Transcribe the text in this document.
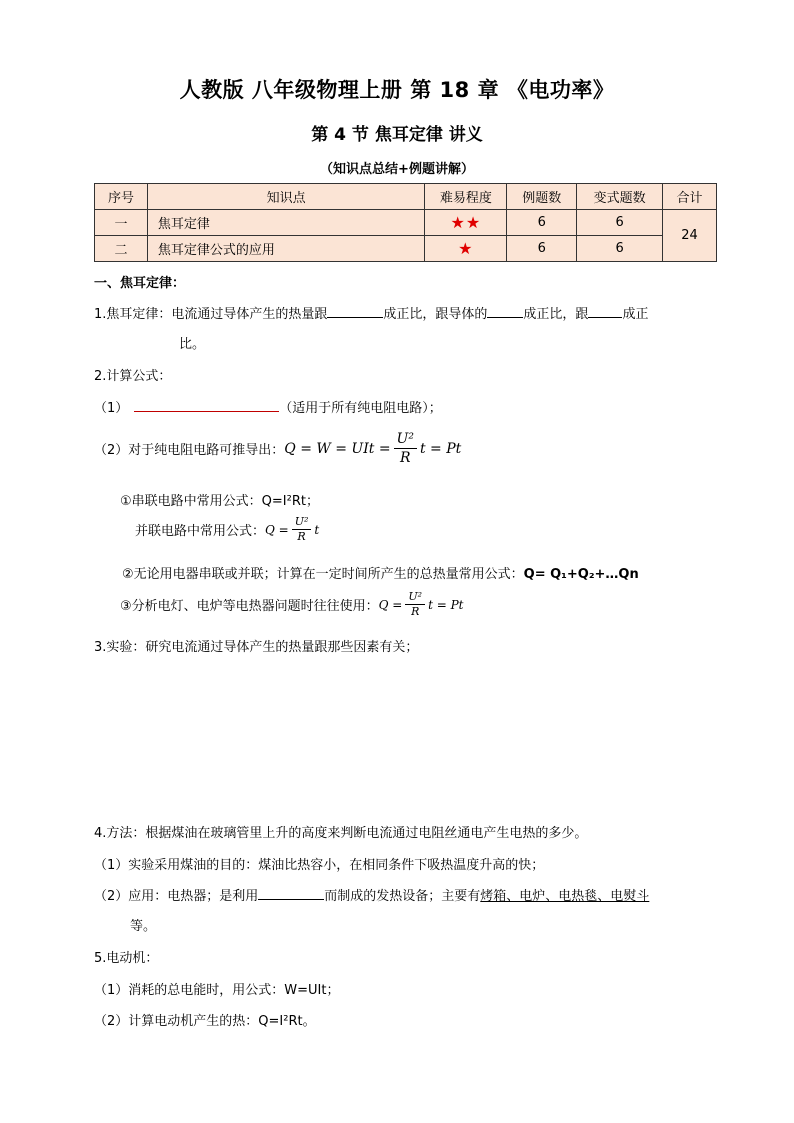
人教版 八年级物理上册 第 18 章 《电功率》
第 4 节 焦耳定律 讲义
（知识点总结+例题讲解）
序号	知识点	难易程度	例题数	变式题数	合计
一	焦耳定律	★★	6	6	24
二	焦耳定律公式的应用	★	6	6	
一、焦耳定律：
1.焦耳定律：电流通过导体产生的热量跟	成正比，跟导体的	成正比，跟	成正
比。
2.计算公式：
（1）	（适用于所有纯电阻电路）；
（2）对于纯电阻电路可推导出： Q = W = UIt = $\frac{\text{U²}}{R}$ t = Pt
①串联电路中常用公式：Q=I²Rt；
并联电路中常用公式： $Q = \frac{\text{U²}}{R}$ t
②无论用电器串联或并联；计算在一定时间所产生的总热量常用公式：Q= Q₁+Q₂+…Qn
③分析电灯、电炉等电热器问题时往往使用： $Q = \frac{\text{U²}}{R}$ t = Pt
3.实验：研究电流通过导体产生的热量跟那些因素有关；
4.方法：根据煤油在玻璃管里上升的高度来判断电流通过电阻丝通电产生电热的多少。
（1）实验采用煤油的目的：煤油比热容小，在相同条件下吸热温度升高的快；
（2）应用：电热器；是利用	而制成的发热设备；主要有烤箱、电炉、电热毯、电熨斗
等。
5.电动机：
（1）消耗的总电能时，用公式：W=UIt；
（2）计算电动机产生的热：Q=I²Rt。
